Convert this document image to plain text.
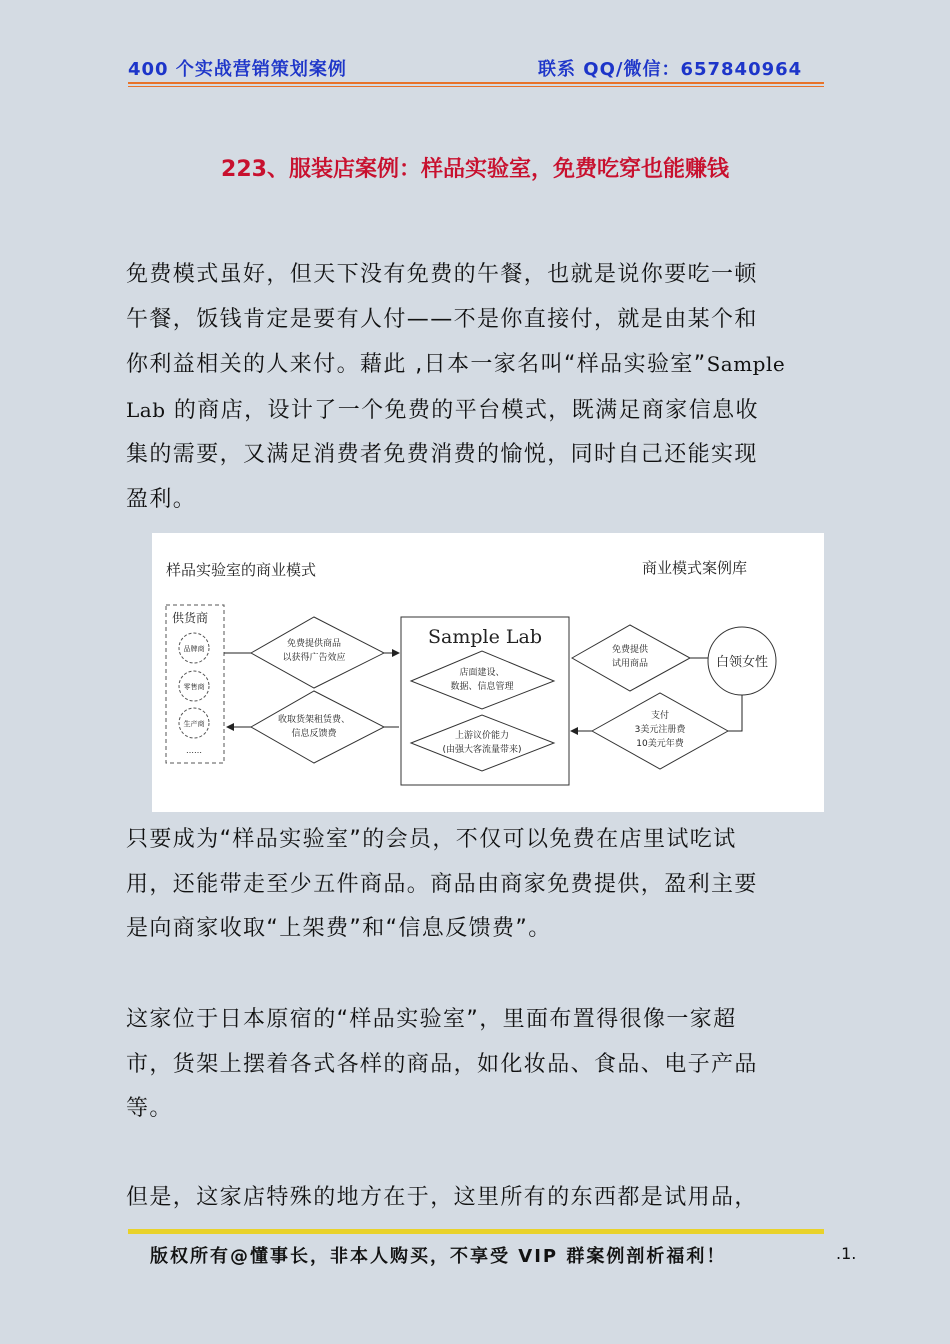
400 个实战营销策划案例	联系 QQ/微信：657840964
223、服装店案例：样品实验室，免费吃穿也能赚钱
免费模式虽好，但天下没有免费的午餐，也就是说你要吃一顿
午餐，饭钱肯定是要有人付——不是你直接付，就是由某个和
你利益相关的人来付。藉此 ,日本一家名叫“样品实验室”Sample
Lab 的商店，设计了一个免费的平台模式，既满足商家信息收
集的需要，又满足消费者免费消费的愉悦，同时自己还能实现
盈利。
样品实验室的商业模式	商业模式案例库
供货商
品牌商
零售商
生产商
……
免费提供商品
以获得广告效应
收取货架租赁费、
信息反馈费
Sample Lab
店面建设、
数据、信息管理
上游议价能力
(由强大客流量带来)
免费提供
试用商品
支付
3美元注册费
10美元年费
白领女性
只要成为“样品实验室”的会员，不仅可以免费在店里试吃试
用，还能带走至少五件商品。商品由商家免费提供，盈利主要
是向商家收取“上架费”和“信息反馈费”。
这家位于日本原宿的“样品实验室”，里面布置得很像一家超
市，货架上摆着各式各样的商品，如化妆品、食品、电子产品
等。
但是，这家店特殊的地方在于，这里所有的东西都是试用品，
版权所有@懂事长，非本人购买，不享受 VIP 群案例剖析福利！	.1.
